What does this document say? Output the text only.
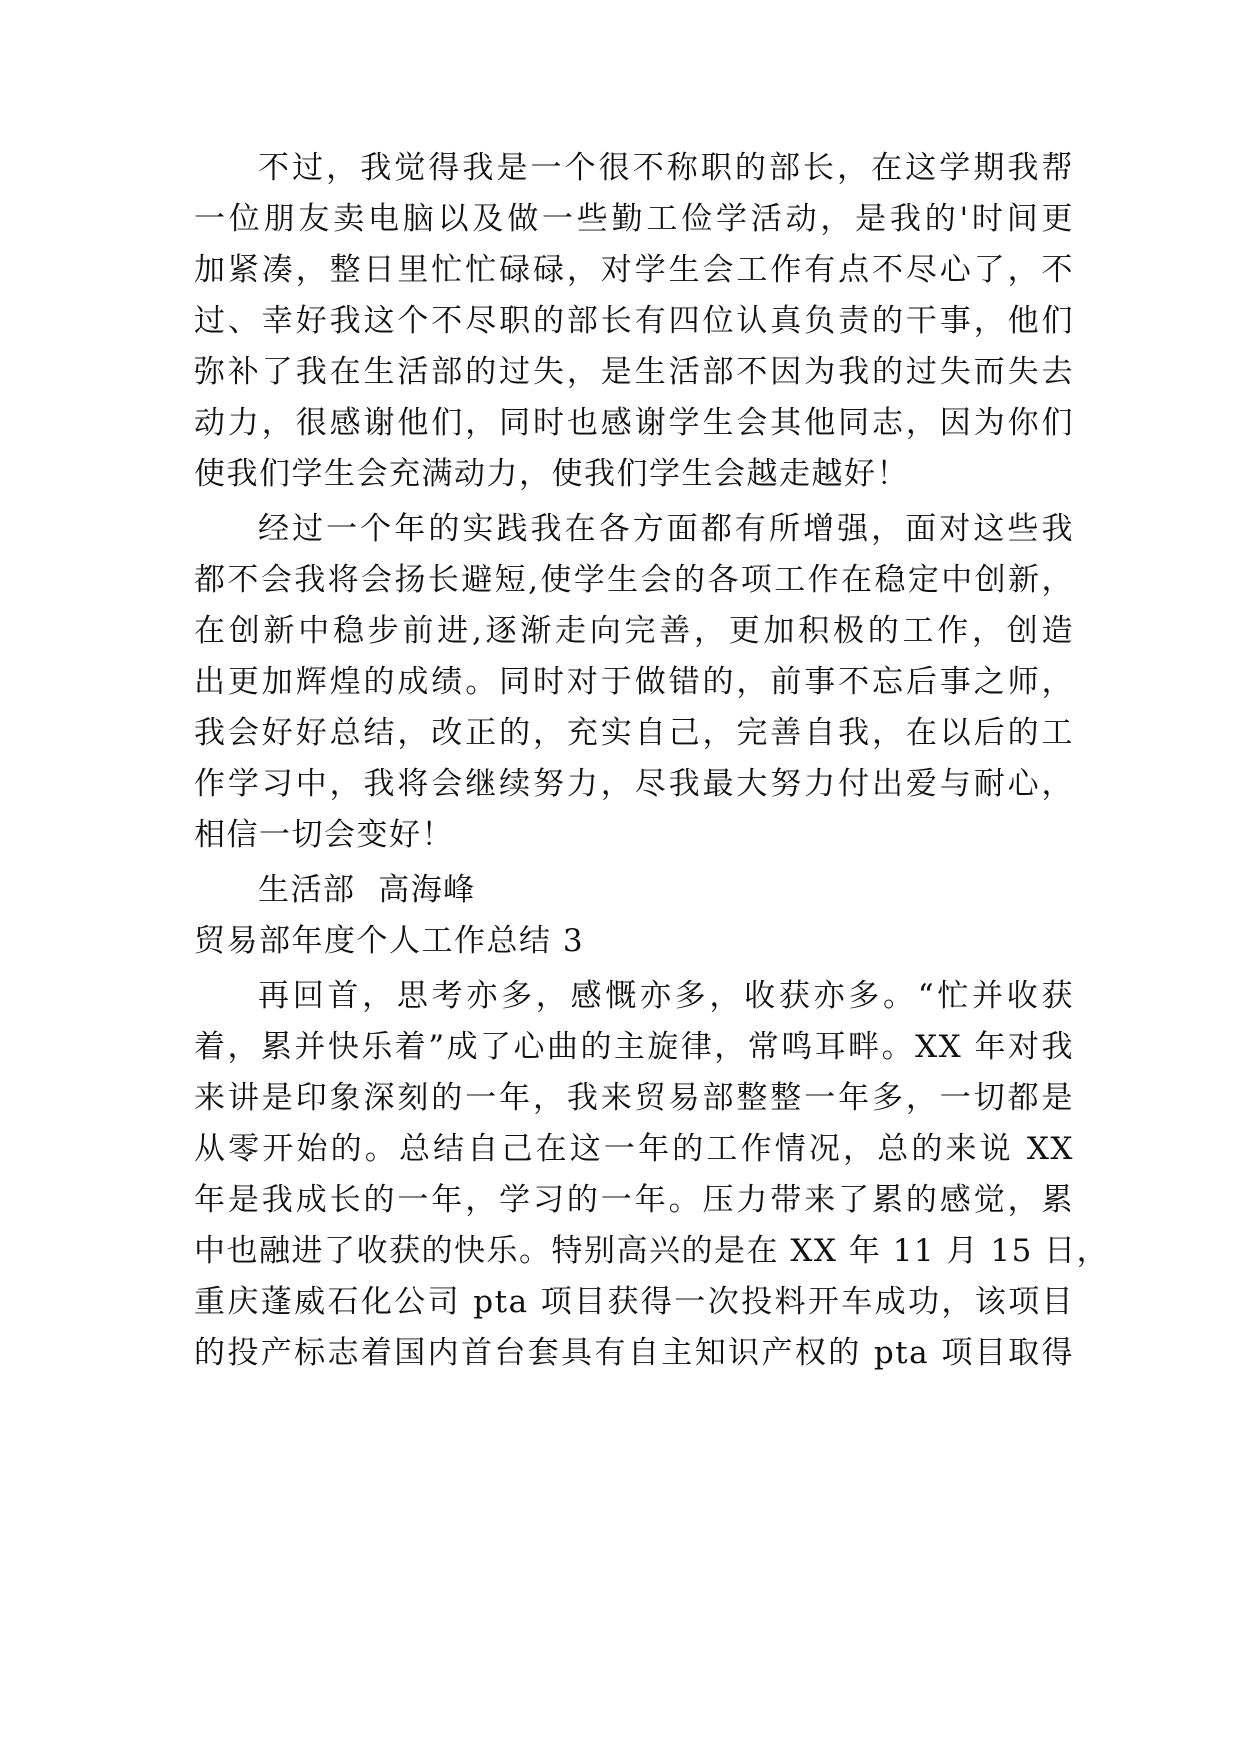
不过，我觉得我是一个很不称职的部长，在这学期我帮
一位朋友卖电脑以及做一些勤工俭学活动，是我的'时间更
加紧凑，整日里忙忙碌碌，对学生会工作有点不尽心了，不
过、幸好我这个不尽职的部长有四位认真负责的干事，他们
弥补了我在生活部的过失，是生活部不因为我的过失而失去
动力，很感谢他们，同时也感谢学生会其他同志，因为你们
使我们学生会充满动力，使我们学生会越走越好！
经过一个年的实践我在各方面都有所增强，面对这些我
都不会我将会扬长避短,使学生会的各项工作在稳定中创新，
在创新中稳步前进,逐渐走向完善，更加积极的工作，创造
出更加辉煌的成绩。同时对于做错的，前事不忘后事之师，
我会好好总结，改正的，充实自己，完善自我，在以后的工
作学习中，我将会继续努力，尽我最大努力付出爱与耐心，
相信一切会变好！
生活部  高海峰
贸易部年度个人工作总结 3
再回首，思考亦多，感慨亦多，收获亦多。“忙并收获
着，累并快乐着”成了心曲的主旋律，常鸣耳畔。XX 年对我
来讲是印象深刻的一年，我来贸易部整整一年多，一切都是
从零开始的。总结自己在这一年的工作情况，总的来说 XX
年是我成长的一年，学习的一年。压力带来了累的感觉，累
中也融进了收获的快乐。特别高兴的是在 XX 年 11 月 15 日，
重庆蓬威石化公司 pta 项目获得一次投料开车成功，该项目
的投产标志着国内首台套具有自主知识产权的 pta 项目取得
